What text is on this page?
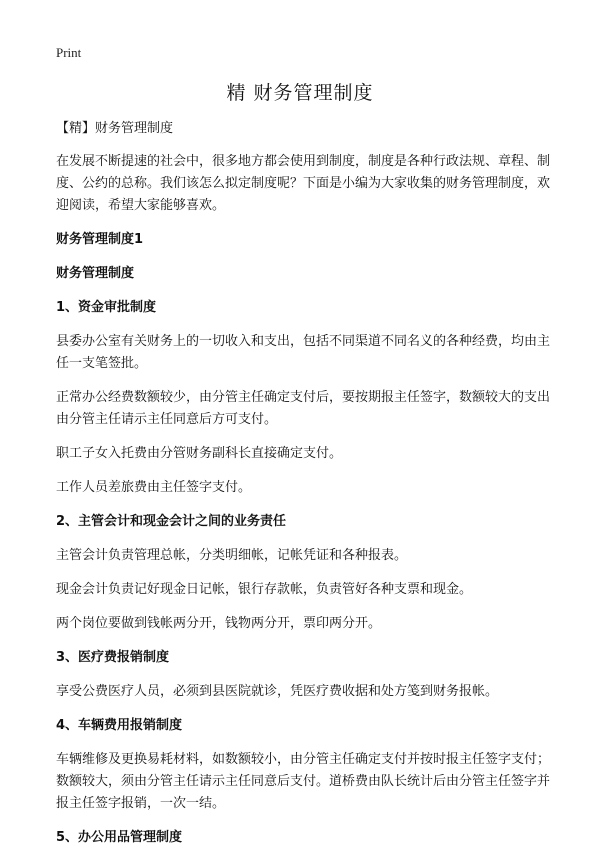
Print
精 财务管理制度

【精】财务管理制度

在发展不断提速的社会中，很多地方都会使用到制度，制度是各种行政法规、章程、制度、公约的总称。我们该怎么拟定制度呢？下面是小编为大家收集的财务管理制度，欢迎阅读，希望大家能够喜欢。

财务管理制度1
财务管理制度
1、资金审批制度

县委办公室有关财务上的一切收入和支出，包括不同渠道不同名义的各种经费，均由主任一支笔签批。

正常办公经费数额较少，由分管主任确定支付后，要按期报主任签字，数额较大的支出由分管主任请示主任同意后方可支付。

职工子女入托费由分管财务副科长直接确定支付。

工作人员差旅费由主任签字支付。

2、主管会计和现金会计之间的业务责任

主管会计负责管理总帐，分类明细帐，记帐凭证和各种报表。

现金会计负责记好现金日记帐，银行存款帐，负责管好各种支票和现金。

两个岗位要做到钱帐两分开，钱物两分开，票印两分开。

3、医疗费报销制度

享受公费医疗人员，必须到县医院就诊，凭医疗费收据和处方笺到财务报帐。

4、车辆费用报销制度

车辆维修及更换易耗材料，如数额较小，由分管主任确定支付并按时报主任签字支付；数额较大，须由分管主任请示主任同意后支付。道桥费由队长统计后由分管主任签字并报主任签字报销，一次一结。

5、办公用品管理制度
